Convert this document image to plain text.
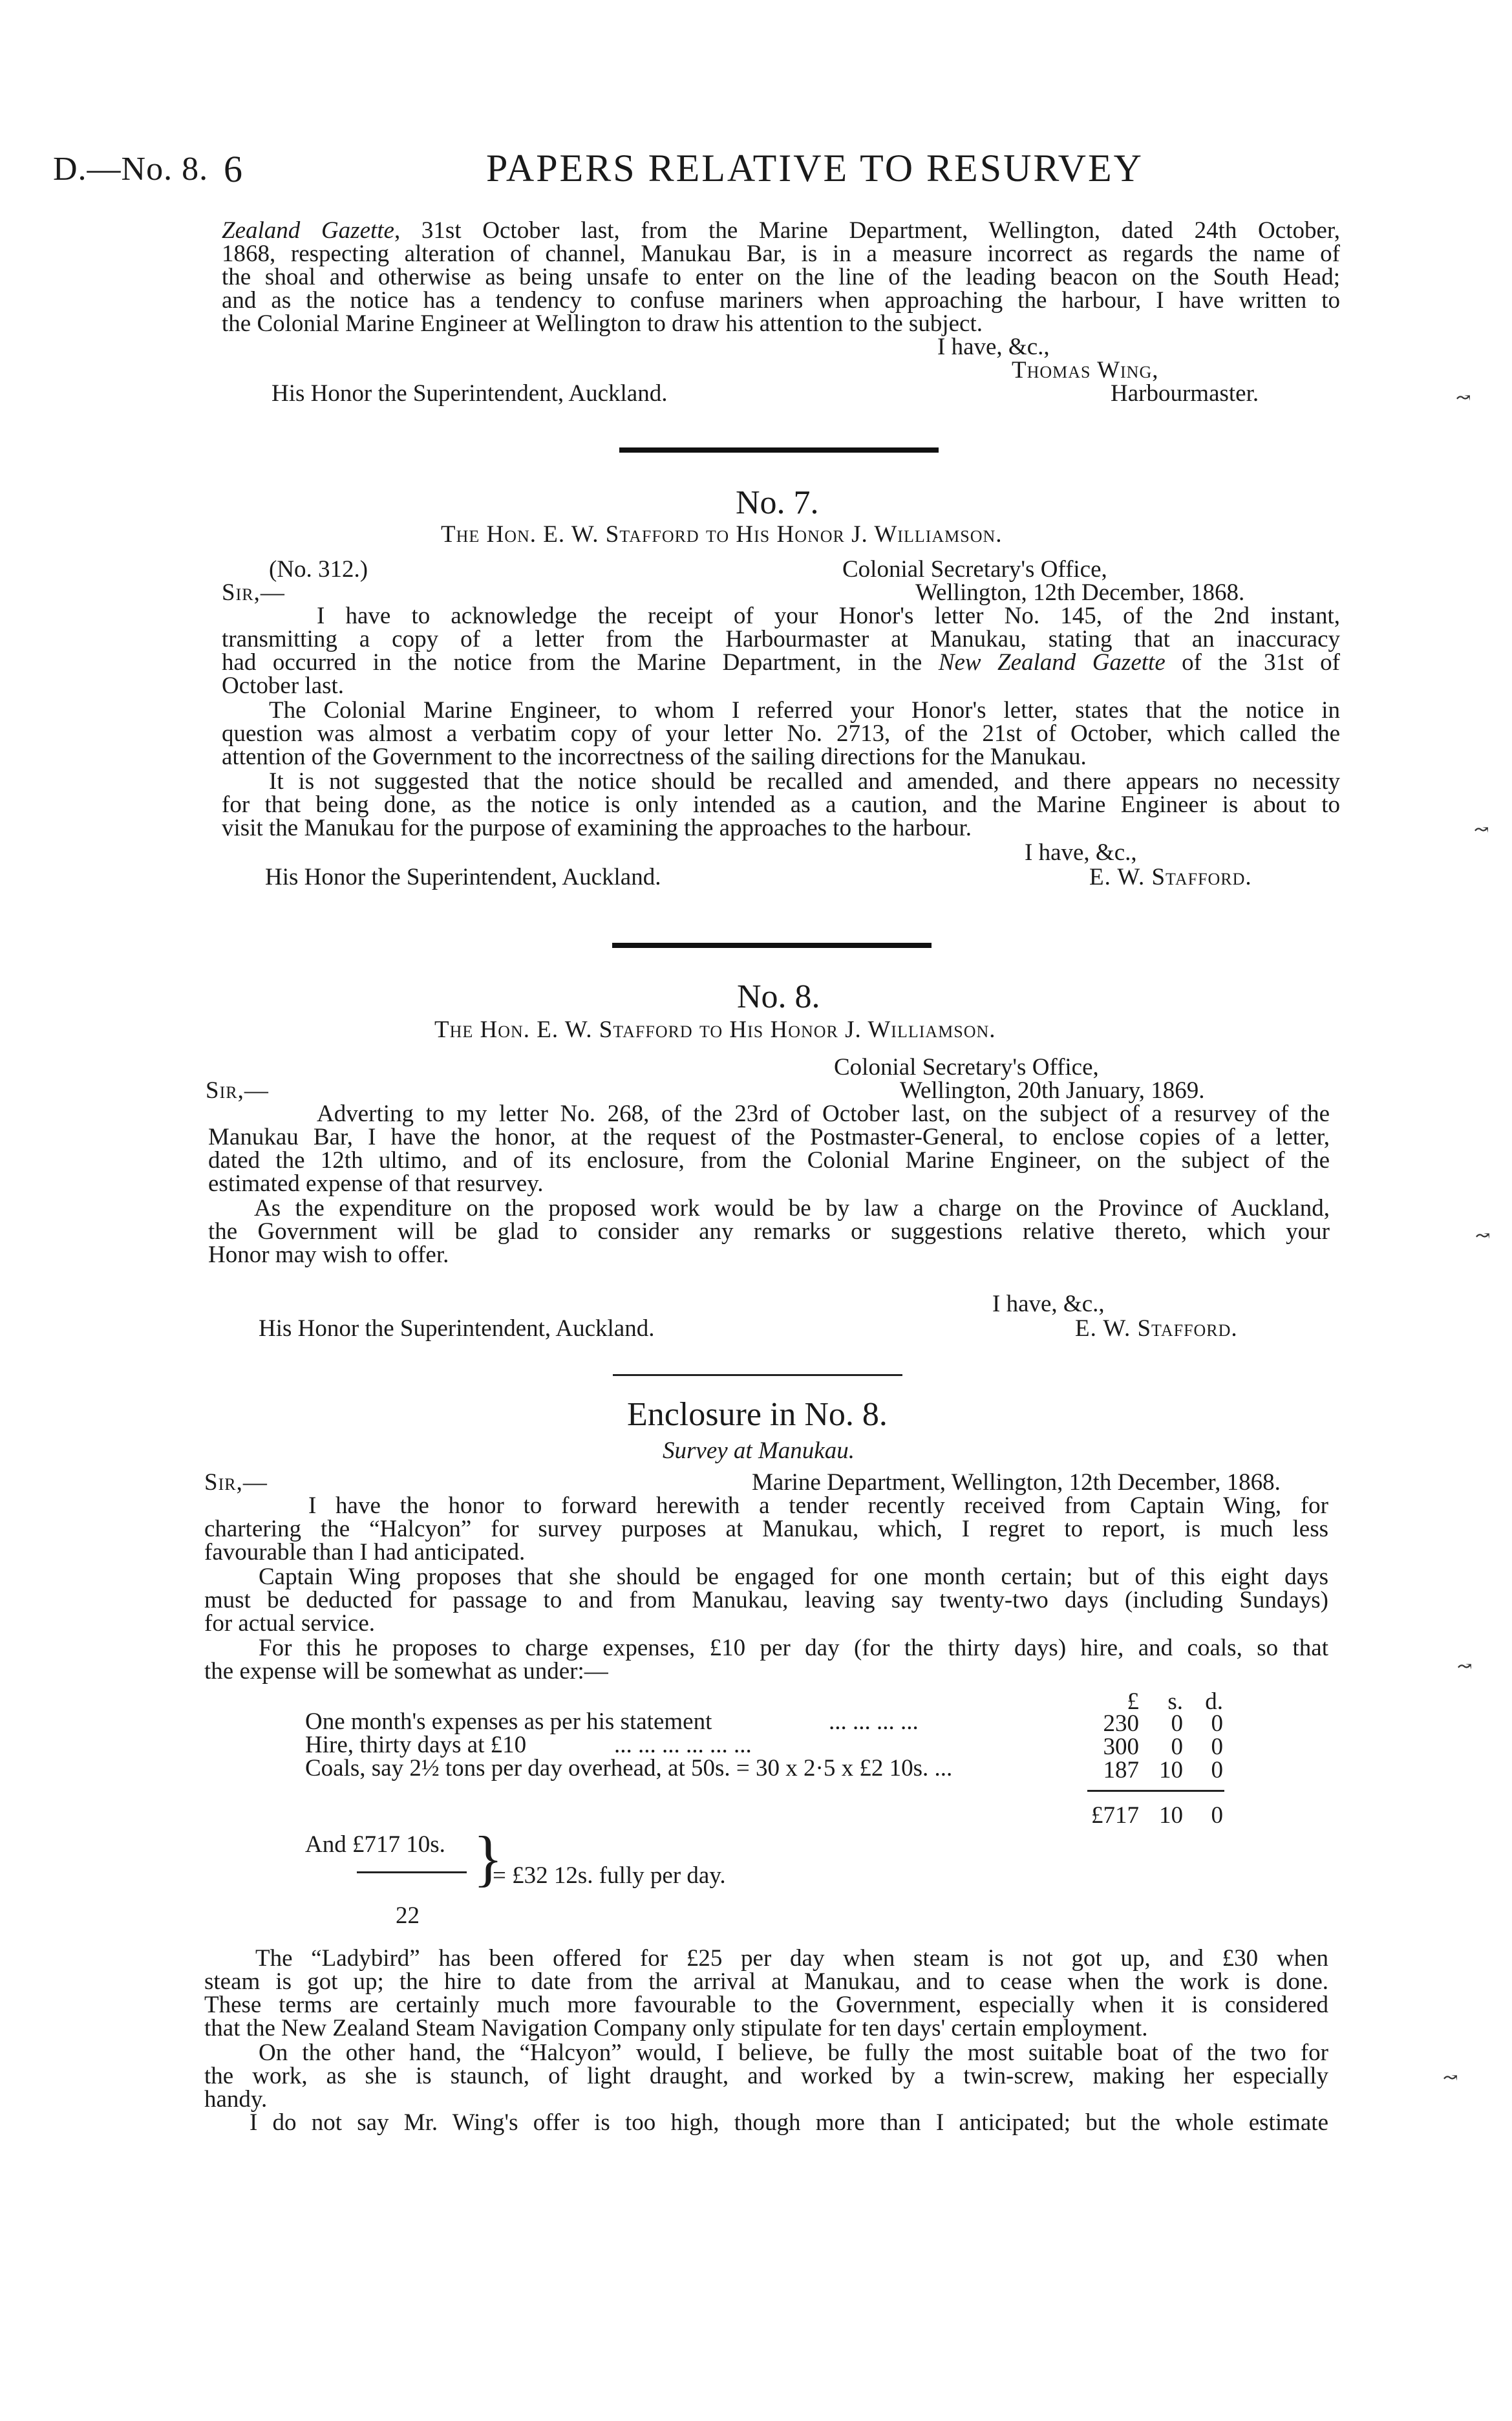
D.—No. 8. 6	PAPERS RELATIVE TO RESURVEY
Zealand Gazette, 31st October last, from the Marine Department, Wellington, dated 24th October,
1868, respecting alteration of channel, Manukau Bar, is in a measure incorrect as regards the name of
the shoal and otherwise as being unsafe to enter on the line of the leading beacon on the South Head;
and as the notice has a tendency to confuse mariners when approaching the harbour, I have written to
the Colonial Marine Engineer at Wellington to draw his attention to the subject.
I have, &c.,
Thomas Wing,
His Honor the Superintendent, Auckland.	Harbourmaster.
No. 7.
The Hon. E. W. Stafford to His Honor J. Williamson.
(No. 312.)	Colonial Secretary's Office,
Sir,—	Wellington, 12th December, 1868.
I have to acknowledge the receipt of your Honor's letter No. 145, of the 2nd instant,
transmitting a copy of a letter from the Harbourmaster at Manukau, stating that an inaccuracy
had occurred in the notice from the Marine Department, in the New Zealand Gazette of the 31st of
October last.
The Colonial Marine Engineer, to whom I referred your Honor's letter, states that the notice in
question was almost a verbatim copy of your letter No. 2713, of the 21st of October, which called the
attention of the Government to the incorrectness of the sailing directions for the Manukau.
It is not suggested that the notice should be recalled and amended, and there appears no necessity
for that being done, as the notice is only intended as a caution, and the Marine Engineer is about to
visit the Manukau for the purpose of examining the approaches to the harbour.
I have, &c.,
His Honor the Superintendent, Auckland.	E. W. Stafford.
No. 8.
The Hon. E. W. Stafford to His Honor J. Williamson.
Colonial Secretary's Office,
Sir,—	Wellington, 20th January, 1869.
Adverting to my letter No. 268, of the 23rd of October last, on the subject of a resurvey of the
Manukau Bar, I have the honor, at the request of the Postmaster-General, to enclose copies of a letter,
dated the 12th ultimo, and of its enclosure, from the Colonial Marine Engineer, on the subject of the
estimated expense of that resurvey.
As the expenditure on the proposed work would be by law a charge on the Province of Auckland,
the Government will be glad to consider any remarks or suggestions relative thereto, which your
Honor may wish to offer.
I have, &c.,
His Honor the Superintendent, Auckland.	E. W. Stafford.
Enclosure in No. 8.
Survey at Manukau.
Sir,—	Marine Department, Wellington, 12th December, 1868.
I have the honor to forward herewith a tender recently received from Captain Wing, for
chartering the “Halcyon” for survey purposes at Manukau, which, I regret to report, is much less
favourable than I had anticipated.
Captain Wing proposes that she should be engaged for one month certain; but of this eight days
must be deducted for passage to and from Manukau, leaving say twenty-two days (including Sundays)
for actual service.
For this he proposes to charge expenses, £10 per day (for the thirty days) hire, and coals, so that
the expense will be somewhat as under:—
£	s. d.
One month's expenses as per his statement	... ... ... ...	230	0	0
Hire, thirty days at £10	... ... ... ... ... ...	300	0	0
Coals, say 2½ tons per day overhead, at 50s. = 30 x 2·5 x £2 10s. ...	187 10	0
£717 10	0
And £717 10s.
22
}
= £32 12s. fully per day.
The “Ladybird” has been offered for £25 per day when steam is not got up, and £30 when
steam is got up; the hire to date from the arrival at Manukau, and to cease when the work is done.
These terms are certainly much more favourable to the Government, especially when it is considered
that the New Zealand Steam Navigation Company only stipulate for ten days' certain employment.
On the other hand, the “Halcyon” would, I believe, be fully the most suitable boat of the two for
the work, as she is staunch, of light draught, and worked by a twin-screw, making her especially
handy.
I do not say Mr. Wing's offer is too high, though more than I anticipated; but the whole estimate
↝
↝
↝
↝
↝
